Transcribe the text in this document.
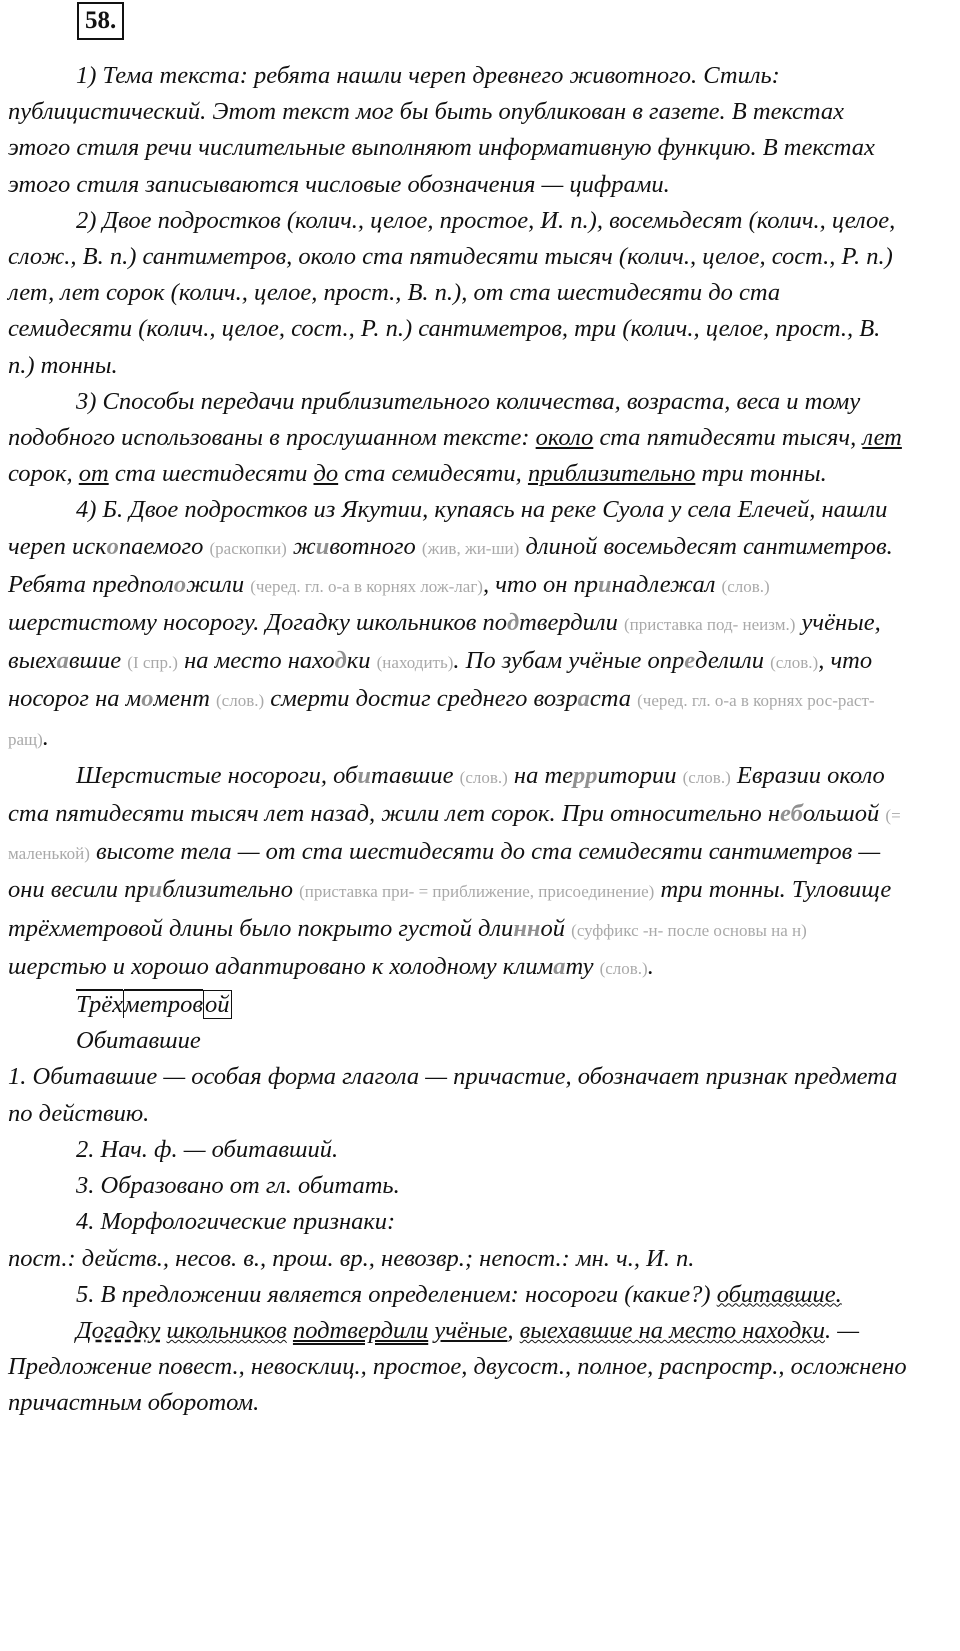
58.

1) Тема текста: ребята нашли череп древнего животного. Стиль: публицистический. Этот текст мог бы быть опубликован в газете. В текстах этого стиля речи числительные выполняют информативную функцию. В текстах этого стиля записываются числовые обозначения — цифрами.

2) Двое подростков (колич., целое, простое, И. п.), восемьдесят (колич., целое, слож., В. п.) сантиметров, около ста пятидесяти тысяч (колич., целое, сост., Р. п.) лет, лет сорок (колич., целое, прост., В. п.), от ста шестидесяти до ста семидесяти (колич., целое, сост., Р. п.) сантиметров, три (колич., целое, прост., В. п.) тонны.

3) Способы передачи приблизительного количества, возраста, веса и тому подобного использованы в прослушанном тексте: около ста пятидесяти тысяч, лет сорок, от ста шестидесяти до ста семидесяти, приблизительно три тонны.

4) Б. Двое подростков из Якутии, купаясь на реке Суола у села Елечей, нашли череп ископаемого (раскопки) животного (жив, жи-ши) длиной восемьдесят сантиметров. Ребята предположили (черед. гл. о-а в корнях лож-лаг), что он принадлежал (слов.) шерстистому носорогу. Догадку школьников подтвердили (приставка под- неизм.) учёные, выехавшие (I спр.) на место находки (находить). По зубам учёные определили (слов.), что носорог на момент (слов.) смерти достиг среднего возраста (черед. гл. о-а в корнях рос-раст- ращ).

Шерстистые носороги, обитавшие (слов.) на территории (слов.) Евразии около ста пятидесяти тысяч лет назад, жили лет сорок. При относительно небольшой (= маленькой) высоте тела — от ста шестидесяти до ста семидесяти сантиметров — они весили приблизительно (приставка при- = приближение, присоединение) три тонны. Туловище трёхметровой длины было покрыто густой длинной (суффикс -н- после основы на н) шерстью и хорошо адаптировано к холодному климату (слов.).

Трёхметровой

Обитавшие

1. Обитавшие — особая форма глагола — причастие, обозначает признак предмета по действию.

2. Нач. ф. — обитавший.

3. Образовано от гл. обитать.

4. Морфологические признаки:

пост.: действ., несов. в., прош. вр., невозвр.; непост.: мн. ч., И. п.

5. В предложении является определением: носороги (какие?) обитавшие.

Догадку школьников подтвердили учёные, выехавшие на место находки. — Предложение повест., невосклиц., простое, двусост., полное, распростр., осложнено причастным оборотом.
